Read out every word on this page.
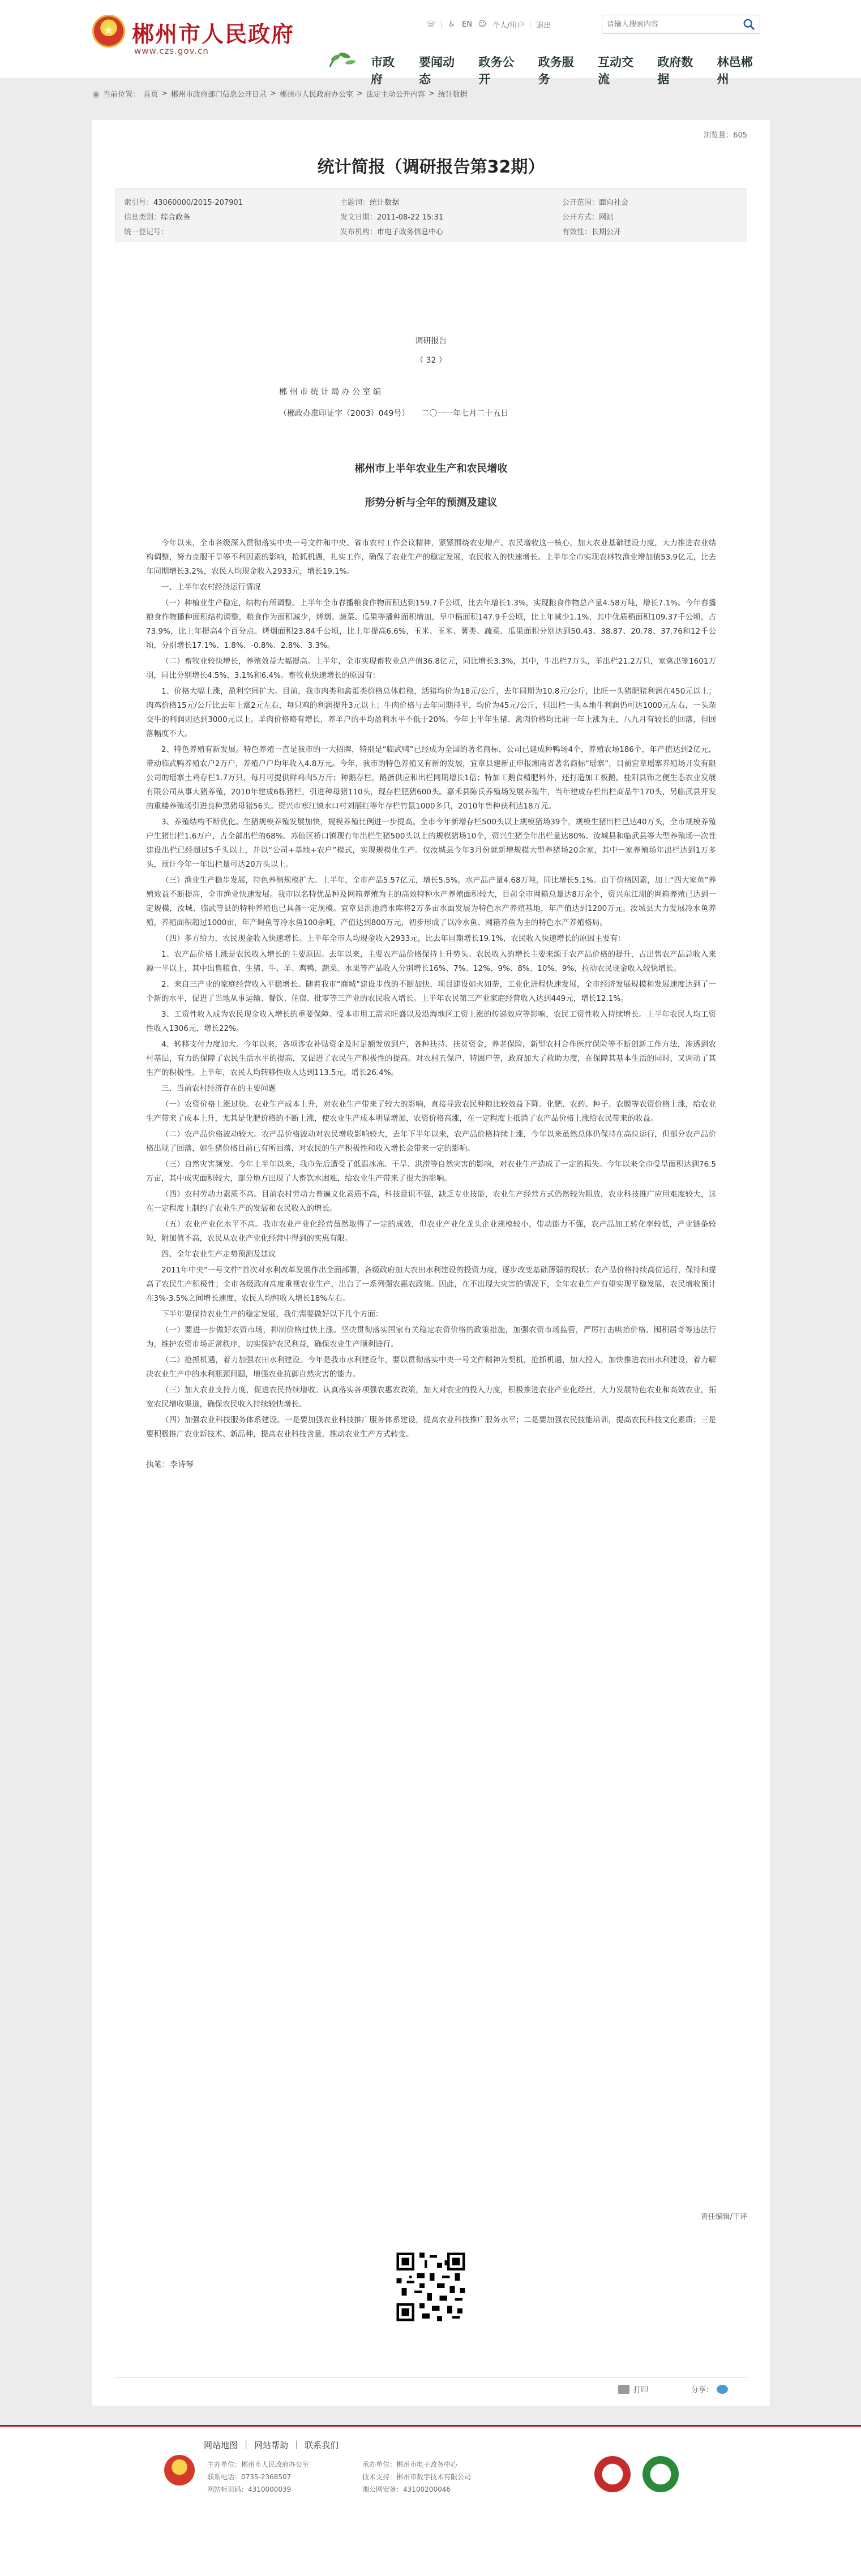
★ 郴州市人民政府
www.czs.gov.cn
☏ ♿ EN ☺ 个人/用户 退出
请输入搜索内容
市政府
要闻动态
政务公开
政务服务
互动交流
政府数据
林邑郴州
◉ 当前位置： 首页 > 郴州市政府部门信息公开目录 > 郴州市人民政府办公室 > 法定主动公开内容 > 统计数据
浏览量：605
统计简报（调研报告第32期）
索引号：43060000/2015-207901	主题词：统计数据	公开范围：面向社会
信息类别：综合政务	发文日期：2011-08-22 15:31	公开方式：网站
统一登记号：	发布机构：市电子政务信息中心	有效性：长期公开
调研报告
（ 32 ）
郴 州 市 统 计 局 办 公 室 编
（郴政办准印证字（2003）049号）　　二〇一一年七月二十五日
郴州市上半年农业生产和农民增收
形势分析与全年的预测及建议
今年以来，全市各级深入贯彻落实中央一号文件和中央、省市农村工作会议精神，紧紧围绕农业增产、农民增收这一核心，加大农业基础建设力度，大力推进农业结构调整，努力克服干旱等不利因素的影响，抢抓机遇，扎实工作，确保了农业生产的稳定发展，农民收入的快速增长。上半年全市实现农林牧渔业增加值53.9亿元，比去年同期增长3.2%，农民人均现金收入2933元，增长19.1%。
一、上半年农村经济运行情况
（一）种植业生产稳定，结构有所调整。上半年全市春播粮食作物面积达到159.7千公顷，比去年增长1.3%，实现粮食作物总产量4.58万吨，增长7.1%。今年春播粮食作物播种面积结构调整，粮食作为面积减少，烤烟、蔬菜、瓜果等播种面积增加，早中稻面积147.9千公顷，比上年减少1.1%，其中优质稻面积109.37千公顷，占73.9%，比上年提高4个百分点。烤烟面积23.84千公顷，比上年提高6.6%，玉米、玉米、薯类、蔬菜、瓜果面积分别达到50.43、38.87、20.78、37.76和12千公顷，分别增长17.1%、1.8%、-0.8%、2.8%、3.3%。
（二）畜牧业较快增长，养殖效益大幅提高。上半年，全市实现畜牧业总产值36.8亿元，同比增长3.3%，其中，牛出栏7万头，羊出栏21.2万只，家禽出笼1601万羽，同比分别增长4.5%、3.1%和6.4%。畜牧业快速增长的原因有：
1、价格大幅上涨，盈利空间扩大。目前，我市肉类和禽蛋类价格总体趋稳，活猪均价为18元/公斤，去年同期为10.8元/公斤，比旺一头猪肥猪利润在450元以上；肉鸡价格15元/公斤比去年上涨2元左右，每只鸡的利润提升3元以上；牛肉价格与去年同期持平，均价为45元/公斤，但出栏一头本地牛利润仍可达1000元左右，一头杂交牛的利润则达到3000元以上。羊肉价格略有增长，养羊户的平均盈利水平不低于20%。今年上半年生猪、禽肉价格均比前一年上涨为主，八九月有较长的回落，但回落幅度不大。
2、特色养殖有新发展。特色养殖一直是我市的一大招牌，特别是“临武鸭”已经成为全国的著名商标，公司已建成种鸭场4个，养殖农场186个，年产值达到2亿元，带动临武鸭养殖农户2万户，养殖户户均年收入4.8万元。今年，我市的特色养殖又有新的发展，宜章县建新正申报湘南省著名商标“瑶寨”，目前宜章瑶寨养殖场开发有限公司的瑶寨土鸡存栏1.7万只，每月可提供鲜鸡肉5万斤；种鹅存栏，鹅蛋供应和出栏同期增长1倍；特加工鹅食精肥料外，还打造加工板鹅。桂阳县饰之便生态农业发展有限公司从事大猪养殖，2010年建成6栋猪栏，引进种母猪110头，现存栏肥猪600头。嘉禾县陈氏养殖场发展养殖牛，当年建成存栏出栏商品牛170头，另临武县开发的重楼养殖场引进良种黑猪母猪56头。资兴市寒江镇水口村刘丽红等年存栏竹鼠1000多只，2010年售种获利达18万元。
3、养殖结构不断优化。生猪规模养殖发展加快，规模养殖比例进一步提高。全市今年新增存栏500头以上规模猪场39个，规模生猪出栏已达40万头，全市规模养殖户生猪出栏1.6万户，占全部出栏的68%。苏仙区桥口镇现有年出栏生猪500头以上的规模猪场10个，资兴生猪全年出栏量达80%。汝城县和临武县等大型养殖场一次性建设出栏已经超过5千头以上，并以“公司+基地+农户”模式，实现规模化生产。仅汝城县今年3月份就新增规模大型养猪场20余家，其中一家养殖场年出栏达到1万多头，预计今年一年出栏量可达20万头以上。
（三）渔业生产稳步发展，特色养殖规模扩大。上半年，全市产品5.57亿元，增长5.5%，水产品产量4.68万吨，同比增长5.1%。由于价格因素，加上“四大家鱼”养殖效益不断提高，全市渔业快速发展。我市以名特优品种及网箱养殖为主的高效特种水产养殖面积较大，目前全市网箱总量达8万余个，资兴东江湖的网箱养殖已达到一定规模，汝城、临武等县的特种养殖也已具备一定规模。宜章县洪池湾水库将2万多亩水面发展为特色水产养殖基地，年产值达到1200万元。汝城县大力发展冷水鱼养殖，养殖面积超过1000亩，年产鲟鱼等冷水鱼100余吨，产值达到800万元，初步形成了以冷水鱼、网箱养鱼为主的特色水产养殖格局。
（四）多方给力，农民现金收入快速增长。上半年全市人均现金收入2933元，比去年同期增长19.1%，农民收入快速增长的原因主要有：
1、农产品价格上涨是农民收入增长的主要原因。去年以来，主要农产品价格保持上升势头。农民收入的增长主要来源于农产品价格的提升，占出售农产品总收入来源一半以上，其中出售粮食、生猪、牛、羊、鸡鸭、蔬菜、水果等产品收入分别增长16%、7%、12%、9%、8%、10%、9%，拉动农民现金收入较快增长。
2、来自三产业的家庭经营收入平稳增长。随着我市“商城”建设步伐的不断加快，项目建设如火如荼，工业化进程快速发展，全市经济发展规模和发展速度达到了一个新的水平，促进了当地从事运输、餐饮、住宿、批零等三产业的农民收入增长。上半年农民第三产业家庭经营收入达到449元，增长12.1%。
3、工资性收入成为农民现金收入增长的重要保障。受本市用工需求旺盛以及沿海地区工资上涨的传递效应等影响，农民工资性收入持续增长。上半年农民人均工资性收入1306元，增长22%。
4、转移支付力度加大。今年以来，各项涉农补贴资金及时足额发放到户，各种扶持、扶贫资金，养老保险，新型农村合作医疗保险等不断创新工作方法，渗透到农村基层，有力的保障了农民生活水平的提高，又促进了农民生产积极性的提高。对农村五保户、特困户等，政府加大了救助力度，在保障其基本生活的同时，又调动了其生产的积极性。上半年，农民人均转移性收入达到113.5元，增长26.4%。
三、当前农村经济存在的主要问题
（一）农资价格上涨过快。农业生产成本上升，对农业生产带来了较大的影响，直接导致农民种粮比较效益下降。化肥、农药、种子、农膜等农资价格上涨，给农业生产带来了成本上升，尤其是化肥价格的不断上涨，使农业生产成本明显增加，农资价格高涨，在一定程度上抵消了农产品价格上涨给农民带来的收益。
（二）农产品价格波动较大。农产品价格波动对农民增收影响较大，去年下半年以来，农产品价格持续上涨，今年以来虽然总体仍保持在高位运行，但部分农产品价格出现了回落，如生猪价格目前已有所回落，对农民的生产积极性和收入增长会带来一定的影响。
（三）自然灾害频发。今年上半年以来，我市先后遭受了低温冰冻、干旱、洪涝等自然灾害的影响，对农业生产造成了一定的损失。今年以来全市受旱面积达到76.5万亩，其中成灾面积较大，部分地方出现了人畜饮水困难，给农业生产带来了很大的影响。
（四）农村劳动力素质不高。目前农村劳动力普遍文化素质不高，科技意识不强，缺乏专业技能，农业生产经营方式仍然较为粗放，农业科技推广应用难度较大，这在一定程度上制约了农业生产的发展和农民收入的增长。
（五）农业产业化水平不高。我市农业产业化经营虽然取得了一定的成效，但农业产业化龙头企业规模较小，带动能力不强，农产品加工转化率较低，产业链条较短，附加值不高，农民从农业产业化经营中得到的实惠有限。
四、全年农业生产走势预测及建议
2011年中央“一号文件”首次对水利改革发展作出全面部署，各级政府加大农田水利建设的投资力度，逐步改变基础薄弱的现状；农产品价格持续高位运行，保持和提高了农民生产积极性；全市各级政府高度重视农业生产，出台了一系列强农惠农政策。因此，在不出现大灾害的情况下，全年农业生产有望实现平稳发展，农民增收预计在3%-3.5%之间增长速度，农民人均纯收入增长18%左右。
下半年要保持农业生产的稳定发展，我们需要做好以下几个方面：
（一）要进一步做好农资市场，抑制价格过快上涨。坚决贯彻落实国家有关稳定农资价格的政策措施，加强农资市场监管，严厉打击哄抬价格、囤积居奇等违法行为，维护农资市场正常秩序，切实保护农民利益，确保农业生产顺利进行。
（二）抢抓机遇，着力加强农田水利建设。今年是我市水利建设年，要以贯彻落实中央一号文件精神为契机，抢抓机遇，加大投入，加快推进农田水利建设，着力解决农业生产中的水利瓶颈问题，增强农业抗御自然灾害的能力。
（三）加大农业支持力度，促进农民持续增收。认真落实各项强农惠农政策，加大对农业的投入力度，积极推进农业产业化经营，大力发展特色农业和高效农业，拓宽农民增收渠道，确保农民收入持续较快增长。
（四）加强农业科技服务体系建设。一是要加强农业科技推广服务体系建设，提高农业科技推广服务水平；二是要加强农民技能培训，提高农民科技文化素质；三是要积极推广农业新技术、新品种，提高农业科技含量，推动农业生产方式转变。
执笔：李诗琴
责任编辑/干评
打印	分享：
网站地图 | 网站帮助 | 联系我们
主办单位：郴州市人民政府办公室
联系电话：0735-2368507
网站标识码：4310000039
承办单位：郴州市电子政务中心
技术支持：郴州市数字技术有限公司
湘公网安备：43100200046
